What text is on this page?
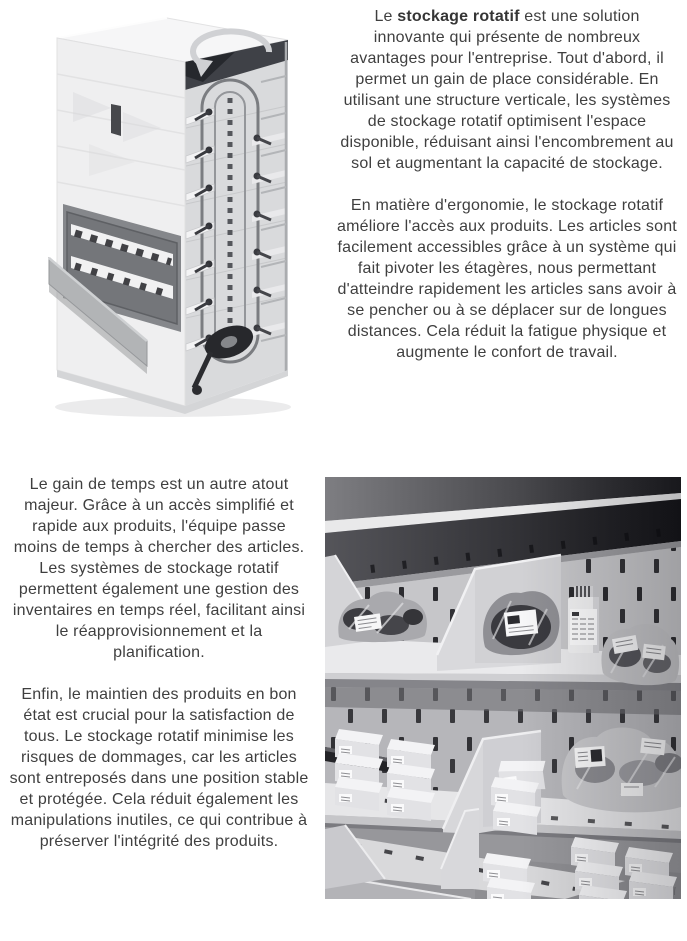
Le stockage rotatif est une solution innovante qui présente de nombreux avantages pour l'entreprise. Tout d'abord, il permet un gain de place considérable. En utilisant une structure verticale, les systèmes de stockage rotatif optimisent l'espace disponible, réduisant ainsi l'encombrement au sol et augmentant la capacité de stockage.

En matière d'ergonomie, le stockage rotatif améliore l'accès aux produits. Les articles sont facilement accessibles grâce à un système qui fait pivoter les étagères, nous permettant d'atteindre rapidement les articles sans avoir à se pencher ou à se déplacer sur de longues distances. Cela réduit la fatigue physique et augmente le confort de travail.

Le gain de temps est un autre atout majeur. Grâce à un accès simplifié et rapide aux produits, l'équipe passe moins de temps à chercher des articles. Les systèmes de stockage rotatif permettent également une gestion des inventaires en temps réel, facilitant ainsi le réapprovisionnement et la planification.

Enfin, le maintien des produits en bon état est crucial pour la satisfaction de tous. Le stockage rotatif minimise les risques de dommages, car les articles sont entreposés dans une position stable et protégée. Cela réduit également les manipulations inutiles, ce qui contribue à préserver l'intégrité des produits.
